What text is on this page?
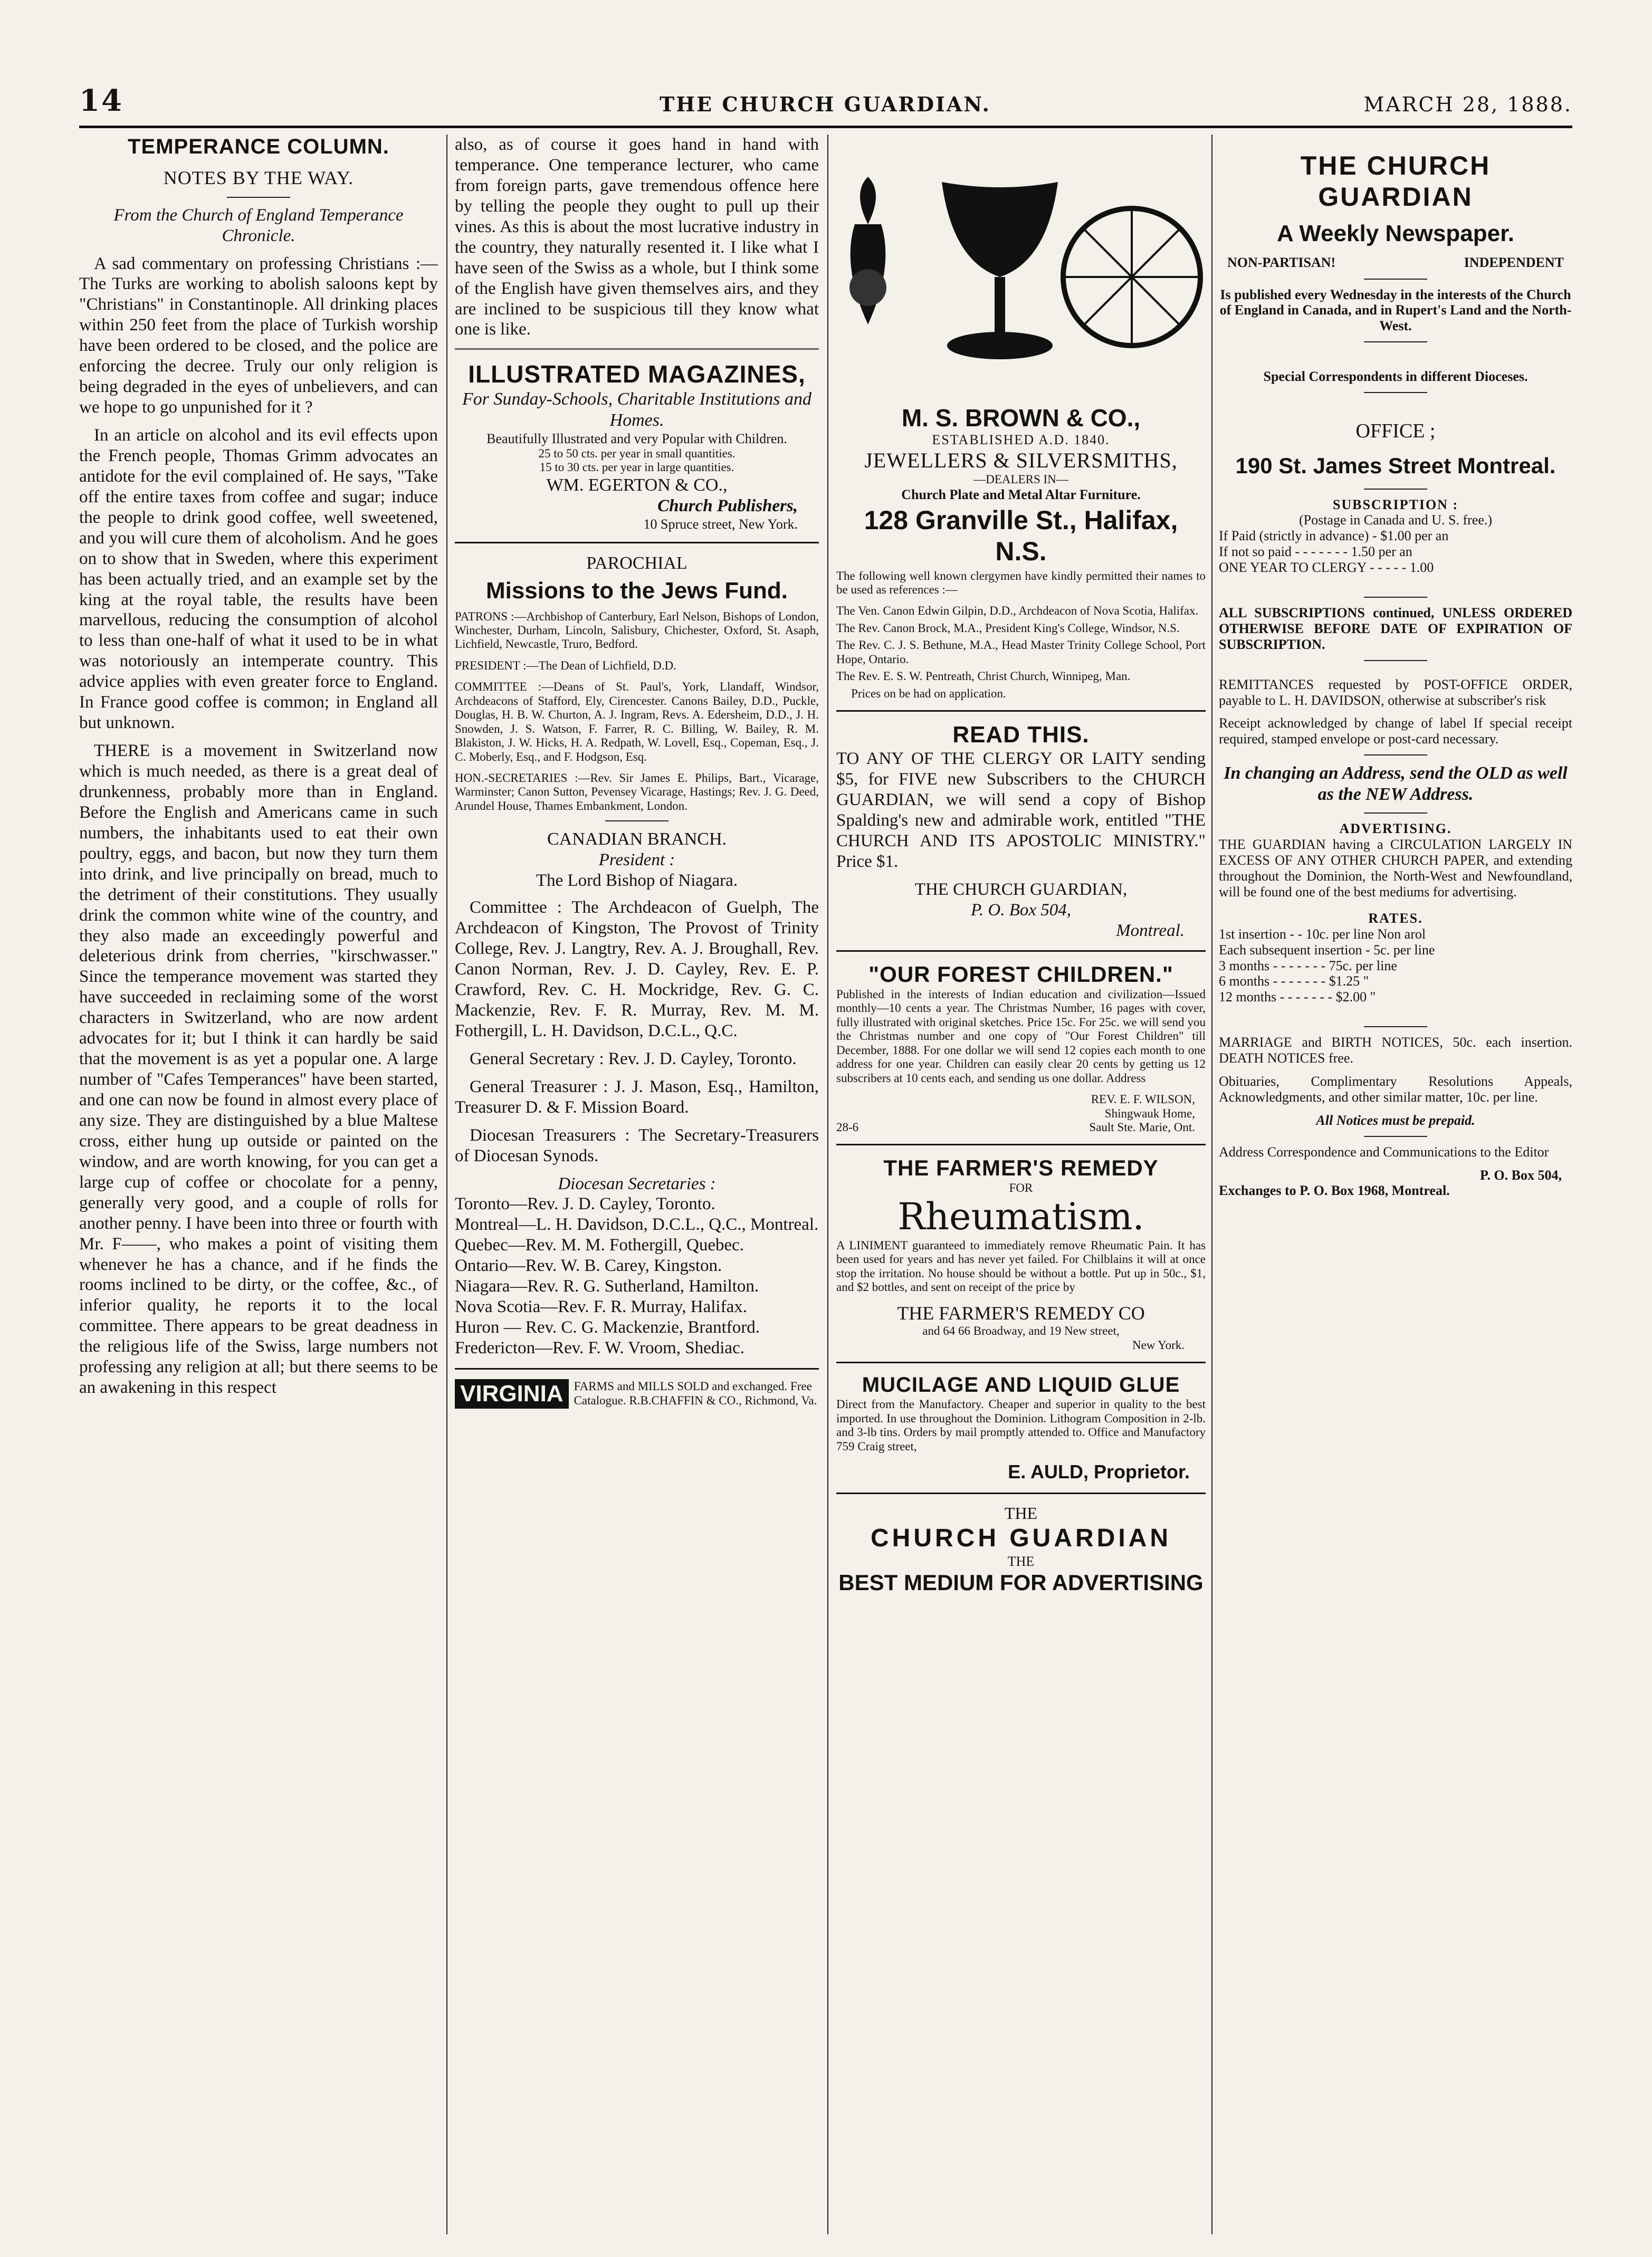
14	THE CHURCH GUARDIAN.	MARCH 28, 1888.
TEMPERANCE COLUMN.
NOTES BY THE WAY.

From the Church of England Temperance Chronicle.

A sad commentary on professing Christians :—The Turks are working to abolish saloons kept by "Christians" in Constantinople. All drinking places within 250 feet from the place of Turkish worship have been ordered to be closed, and the police are enforcing the decree. Truly our only religion is being degraded in the eyes of unbelievers, and can we hope to go unpunished for it ?

In an article on alcohol and its evil effects upon the French people, Thomas Grimm advocates an antidote for the evil complained of. He says, "Take off the entire taxes from coffee and sugar; induce the people to drink good coffee, well sweetened, and you will cure them of alcoholism. And he goes on to show that in Sweden, where this experiment has been actually tried, and an example set by the king at the royal table, the results have been marvellous, reducing the consumption of alcohol to less than one-half of what it used to be in what was notoriously an intemperate country. This advice applies with even greater force to England. In France good coffee is common; in England all but unknown.

THERE is a movement in Switzerland now which is much needed, as there is a great deal of drunkenness, probably more than in England. Before the English and Americans came in such numbers, the inhabitants used to eat their own poultry, eggs, and bacon, but now they turn them into drink, and live principally on bread, much to the detriment of their constitutions. They usually drink the common white wine of the country, and they also made an exceedingly powerful and deleterious drink from cherries, "kirschwasser." Since the temperance movement was started they have succeeded in reclaiming some of the worst characters in Switzerland, who are now ardent advocates for it; but I think it can hardly be said that the movement is as yet a popular one. A large number of "Cafes Temperances" have been started, and one can now be found in almost every place of any size. They are distinguished by a blue Maltese cross, either hung up outside or painted on the window, and are worth knowing, for you can get a large cup of coffee or chocolate for a penny, generally very good, and a couple of rolls for another penny. I have been into three or fourth with Mr. F——, who makes a point of visiting them whenever he has a chance, and if he finds the rooms inclined to be dirty, or the coffee, &c., of inferior quality, he reports it to the local committee. There appears to be great deadness in the religious life of the Swiss, large numbers not professing any religion at all; but there seems to be an awakening in this respect

also, as of course it goes hand in hand with temperance. One temperance lecturer, who came from foreign parts, gave tremendous offence here by telling the people they ought to pull up their vines. As this is about the most lucrative industry in the country, they naturally resented it. I like what I have seen of the Swiss as a whole, but I think some of the English have given themselves airs, and they are inclined to be suspicious till they know what one is like.

ILLUSTRATED MAGAZINES,
For Sunday-Schools, Charitable Institutions and Homes.
Beautifully Illustrated and very Popular with Children.
25 to 50 cts. per year in small quantities.
15 to 30 cts. per year in large quantities.
WM. EGERTON & CO.,
Church Publishers,
10 Spruce street, New York.
PAROCHIAL
Missions to the Jews Fund.

PATRONS :—Archbishop of Canterbury, Earl Nelson, Bishops of London, Winchester, Durham, Lincoln, Salisbury, Chichester, Oxford, St. Asaph, Lichfield, Newcastle, Truro, Bedford.

PRESIDENT :—The Dean of Lichfield, D.D.

COMMITTEE :—Deans of St. Paul's, York, Llandaff, Windsor, Archdeacons of Stafford, Ely, Cirencester. Canons Bailey, D.D., Puckle, Douglas, H. B. W. Churton, A. J. Ingram, Revs. A. Edersheim, D.D., J. H. Snowden, J. S. Watson, F. Farrer, R. C. Billing, W. Bailey, R. M. Blakiston, J. W. Hicks, H. A. Redpath, W. Lovell, Esq., Copeman, Esq., J. C. Moberly, Esq., and F. Hodgson, Esq.

HON.-SECRETARIES :—Rev. Sir James E. Philips, Bart., Vicarage, Warminster; Canon Sutton, Pevensey Vicarage, Hastings; Rev. J. G. Deed, Arundel House, Thames Embankment, London.

CANADIAN BRANCH.
President :
The Lord Bishop of Niagara.

Committee : The Archdeacon of Guelph, The Archdeacon of Kingston, The Provost of Trinity College, Rev. J. Langtry, Rev. A. J. Broughall, Rev. Canon Norman, Rev. J. D. Cayley, Rev. E. P. Crawford, Rev. C. H. Mockridge, Rev. G. C. Mackenzie, Rev. F. R. Murray, Rev. M. M. Fothergill, L. H. Davidson, D.C.L., Q.C.

General Secretary : Rev. J. D. Cayley, Toronto.

General Treasurer : J. J. Mason, Esq., Hamilton, Treasurer D. & F. Mission Board.

Diocesan Treasurers : The Secretary-Treasurers of Diocesan Synods.

Diocesan Secretaries :
Toronto—Rev. J. D. Cayley, Toronto.
Montreal—L. H. Davidson, D.C.L., Q.C., Montreal.
Quebec—Rev. M. M. Fothergill, Quebec.
Ontario—Rev. W. B. Carey, Kingston.
Niagara—Rev. R. G. Sutherland, Hamilton.
Nova Scotia—Rev. F. R. Murray, Halifax.
Huron — Rev. C. G. Mackenzie, Brantford.
Fredericton—Rev. F. W. Vroom, Shediac.
VIRGINIA FARMS and MILLS SOLD and exchanged. Free Catalogue. R.B.CHAFFIN & CO., Richmond, Va.
M. S. BROWN & CO.,
ESTABLISHED A.D. 1840.
JEWELLERS & SILVERSMITHS,
—DEALERS IN—
Church Plate and Metal Altar Furniture.
128 Granville St., Halifax, N.S.

The following well known clergymen have kindly permitted their names to be used as references :—

The Ven. Canon Edwin Gilpin, D.D., Archdeacon of Nova Scotia, Halifax.

The Rev. Canon Brock, M.A., President King's College, Windsor, N.S.

The Rev. C. J. S. Bethune, M.A., Head Master Trinity College School, Port Hope, Ontario.

The Rev. E. S. W. Pentreath, Christ Church, Winnipeg, Man.

Prices on be had on application.

READ THIS.

TO ANY OF THE CLERGY OR LAITY sending $5, for FIVE new Subscribers to the CHURCH GUARDIAN, we will send a copy of Bishop Spalding's new and admirable work, entitled "THE CHURCH AND ITS APOSTOLIC MINISTRY." Price $1.

THE CHURCH GUARDIAN,
P. O. Box 504,
Montreal.
"OUR FOREST CHILDREN."

Published in the interests of Indian education and civilization—Issued monthly—10 cents a year. The Christmas Number, 16 pages with cover, fully illustrated with original sketches. Price 15c. For 25c. we will send you the Christmas number and one copy of "Our Forest Children" till December, 1888. For one dollar we will send 12 copies each month to one address for one year. Children can easily clear 20 cents by getting us 12 subscribers at 10 cents each, and sending us one dollar. Address

REV. E. F. WILSON,
Shingwauk Home,
28-6	Sault Ste. Marie, Ont.
THE FARMER'S REMEDY
FOR
Rheumatism.

A LINIMENT guaranteed to immediately remove Rheumatic Pain. It has been used for years and has never yet failed. For Chilblains it will at once stop the irritation. No house should be without a bottle. Put up in 50c., $1, and $2 bottles, and sent on receipt of the price by

THE FARMER'S REMEDY CO
and 64 66 Broadway, and 19 New street,
New York.
MUCILAGE AND LIQUID GLUE

Direct from the Manufactory. Cheaper and superior in quality to the best imported. In use throughout the Dominion. Lithogram Composition in 2-lb. and 3-lb tins. Orders by mail promptly attended to. Office and Manufactory 759 Craig street,

E. AULD, Proprietor.
THE
CHURCH GUARDIAN
THE
BEST MEDIUM FOR ADVERTISING
THE CHURCH GUARDIAN
A Weekly Newspaper.
NON-PARTISAN!	INDEPENDENT

Is published every Wednesday in the interests of the Church of England in Canada, and in Rupert's Land and the North-West.

Special Correspondents in different Dioceses.

OFFICE ;
190 St. James Street Montreal.
SUBSCRIPTION :
(Postage in Canada and U. S. free.)
If Paid (strictly in advance) - $1.00 per an
If not so paid - - - - - - - 1.50 per an
ONE YEAR TO CLERGY - - - - - 1.00

ALL SUBSCRIPTIONS continued, UNLESS ORDERED OTHERWISE BEFORE DATE OF EXPIRATION OF SUBSCRIPTION.

REMITTANCES requested by POST-OFFICE ORDER, payable to L. H. DAVIDSON, otherwise at subscriber's risk

Receipt acknowledged by change of label If special receipt required, stamped envelope or post-card necessary.

In changing an Address, send the OLD as well as the NEW Address.

ADVERTISING.

THE GUARDIAN having a CIRCULATION LARGELY IN EXCESS OF ANY OTHER CHURCH PAPER, and extending throughout the Dominion, the North-West and Newfoundland, will be found one of the best mediums for advertising.

RATES.
1st insertion - - 10c. per line Non arol
Each subsequent insertion - 5c. per line
3 months - - - - - - - 75c. per line
6 months - - - - - - - $1.25 "
12 months - - - - - - - $2.00 "

MARRIAGE and BIRTH NOTICES, 50c. each insertion. DEATH NOTICES free.

Obituaries, Complimentary Resolutions Appeals, Acknowledgments, and other similar matter, 10c. per line.

All Notices must be prepaid.

Address Correspondence and Communications to the Editor

P. O. Box 504,
Exchanges to P. O. Box 1968, Montreal.
